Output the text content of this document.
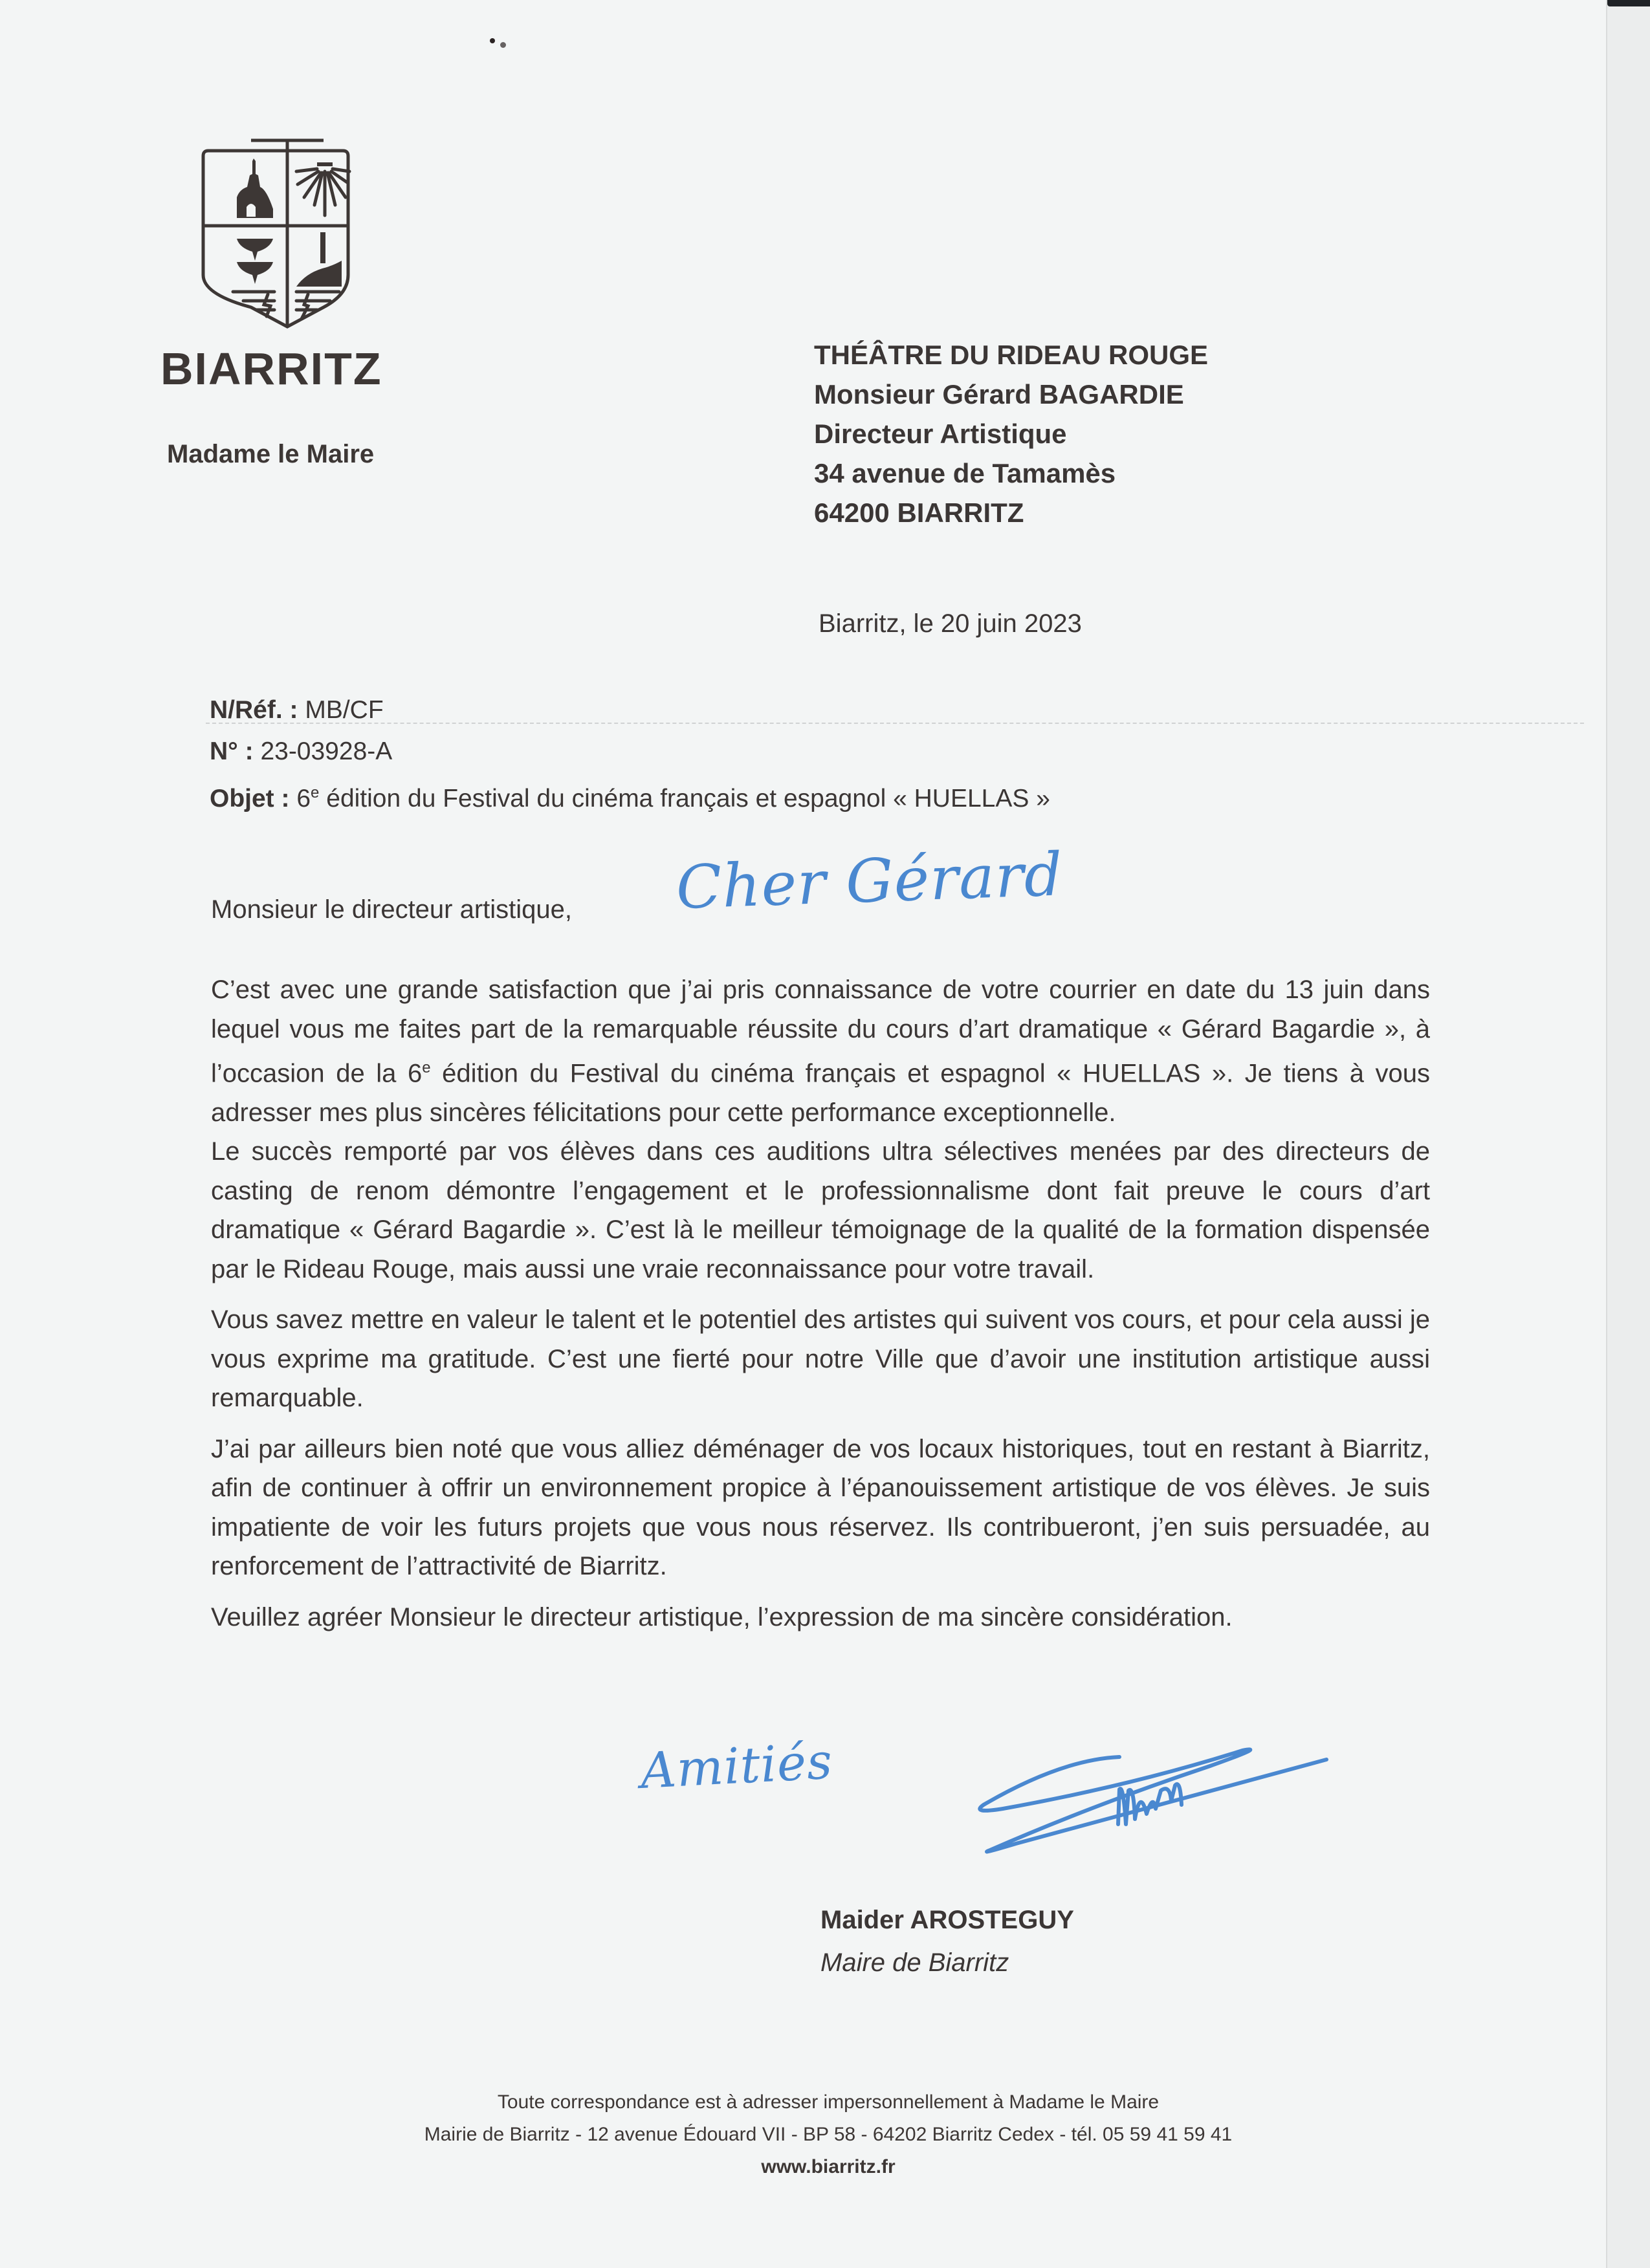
BIARRITZ
Madame le Maire
THÉÂTRE DU RIDEAU ROUGE
Monsieur Gérard BAGARDIE
Directeur Artistique
34 avenue de Tamamès
64200 BIARRITZ
Biarritz, le 20 juin 2023
N/Réf. : MB/CF
N° : 23-03928-A
Objet : 6e édition du Festival du cinéma français et espagnol « HUELLAS »
Monsieur le directeur artistique, Cher Gérard

C’est avec une grande satisfaction que j’ai pris connaissance de votre courrier en date du 13 juin dans lequel vous me faites part de la remarquable réussite du cours d’art dramatique « Gérard Bagardie », à l’occasion de la 6e édition du Festival du cinéma français et espagnol « HUELLAS ». Je tiens à vous adresser mes plus sincères félicitations pour cette performance exceptionnelle.

Le succès remporté par vos élèves dans ces auditions ultra sélectives menées par des directeurs de casting de renom démontre l’engagement et le professionnalisme dont fait preuve le cours d’art dramatique « Gérard Bagardie ». C’est là le meilleur témoignage de la qualité de la formation dispensée par le Rideau Rouge, mais aussi une vraie reconnaissance pour votre travail.

Vous savez mettre en valeur le talent et le potentiel des artistes qui suivent vos cours, et pour cela aussi je vous exprime ma gratitude. C’est une fierté pour notre Ville que d’avoir une institution artistique aussi remarquable.

J’ai par ailleurs bien noté que vous alliez déménager de vos locaux historiques, tout en restant à Biarritz, afin de continuer à offrir un environnement propice à l’épanouissement artistique de vos élèves. Je suis impatiente de voir les futurs projets que vous nous réservez. Ils contribueront, j’en suis persuadée, au renforcement de l’attractivité de Biarritz.

Veuillez agréer Monsieur le directeur artistique, l’expression de ma sincère considération.

Amitiés
Maider AROSTEGUY
Maire de Biarritz
Toute correspondance est à adresser impersonnellement à Madame le Maire
Mairie de Biarritz - 12 avenue Édouard VII - BP 58 - 64202 Biarritz Cedex - tél. 05 59 41 59 41
www.biarritz.fr
